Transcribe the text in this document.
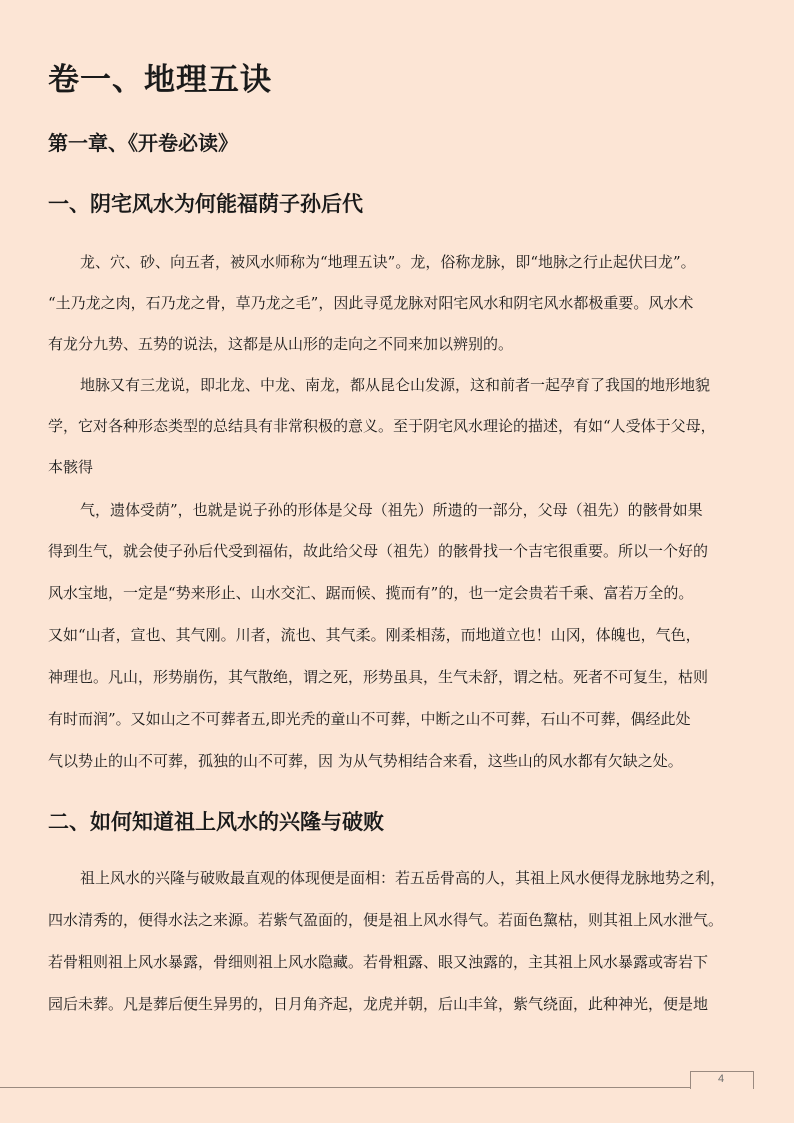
卷一、地理五诀
第一章、《开卷必读》
一、阴宅风水为何能福荫子孙后代
龙、穴、砂、向五者，被风水师称为“地理五诀”。龙，俗称龙脉，即“地脉之行止起伏曰龙”。
“土乃龙之肉，石乃龙之骨，草乃龙之毛”，因此寻觅龙脉对阳宅风水和阴宅风水都极重要。风水术
有龙分九势、五势的说法，这都是从山形的走向之不同来加以辨别的。
地脉又有三龙说，即北龙、中龙、南龙，都从昆仑山发源，这和前者一起孕育了我国的地形地貌
学，它对各种形态类型的总结具有非常积极的意义。至于阴宅风水理论的描述，有如“人受体于父母，
本骸得
气，遗体受荫”，也就是说子孙的形体是父母（祖先）所遗的一部分，父母（祖先）的骸骨如果
得到生气，就会使子孙后代受到福佑，故此给父母（祖先）的骸骨找一个吉宅很重要。所以一个好的
风水宝地，一定是“势来形止、山水交汇、踞而候、揽而有”的，也一定会贵若千乘、富若万全的。
又如“山者，宣也、其气刚。川者，流也、其气柔。刚柔相荡，而地道立也！山冈，体魄也，气色，
神理也。凡山，形势崩伤，其气散绝，谓之死，形势虽具，生气未舒，谓之枯。死者不可复生，枯则
有时而润”。又如山之不可葬者五,即光秃的童山不可葬，中断之山不可葬，石山不可葬，偶经此处
气以势止的山不可葬，孤独的山不可葬，因 为从气势相结合来看，这些山的风水都有欠缺之处。
二、如何知道祖上风水的兴隆与破败
祖上风水的兴隆与破败最直观的体现便是面相：若五岳骨高的人，其祖上风水便得龙脉地势之利，
四水清秀的，便得水法之来源。若紫气盈面的，便是祖上风水得气。若面色黧枯，则其祖上风水泄气。
若骨粗则祖上风水暴露，骨细则祖上风水隐藏。若骨粗露、眼又浊露的，主其祖上风水暴露或寄岩下
园后未葬。凡是葬后便生异男的，日月角齐起，龙虎并朝，后山丰耸，紫气绕面，此种神光，便是地
4
